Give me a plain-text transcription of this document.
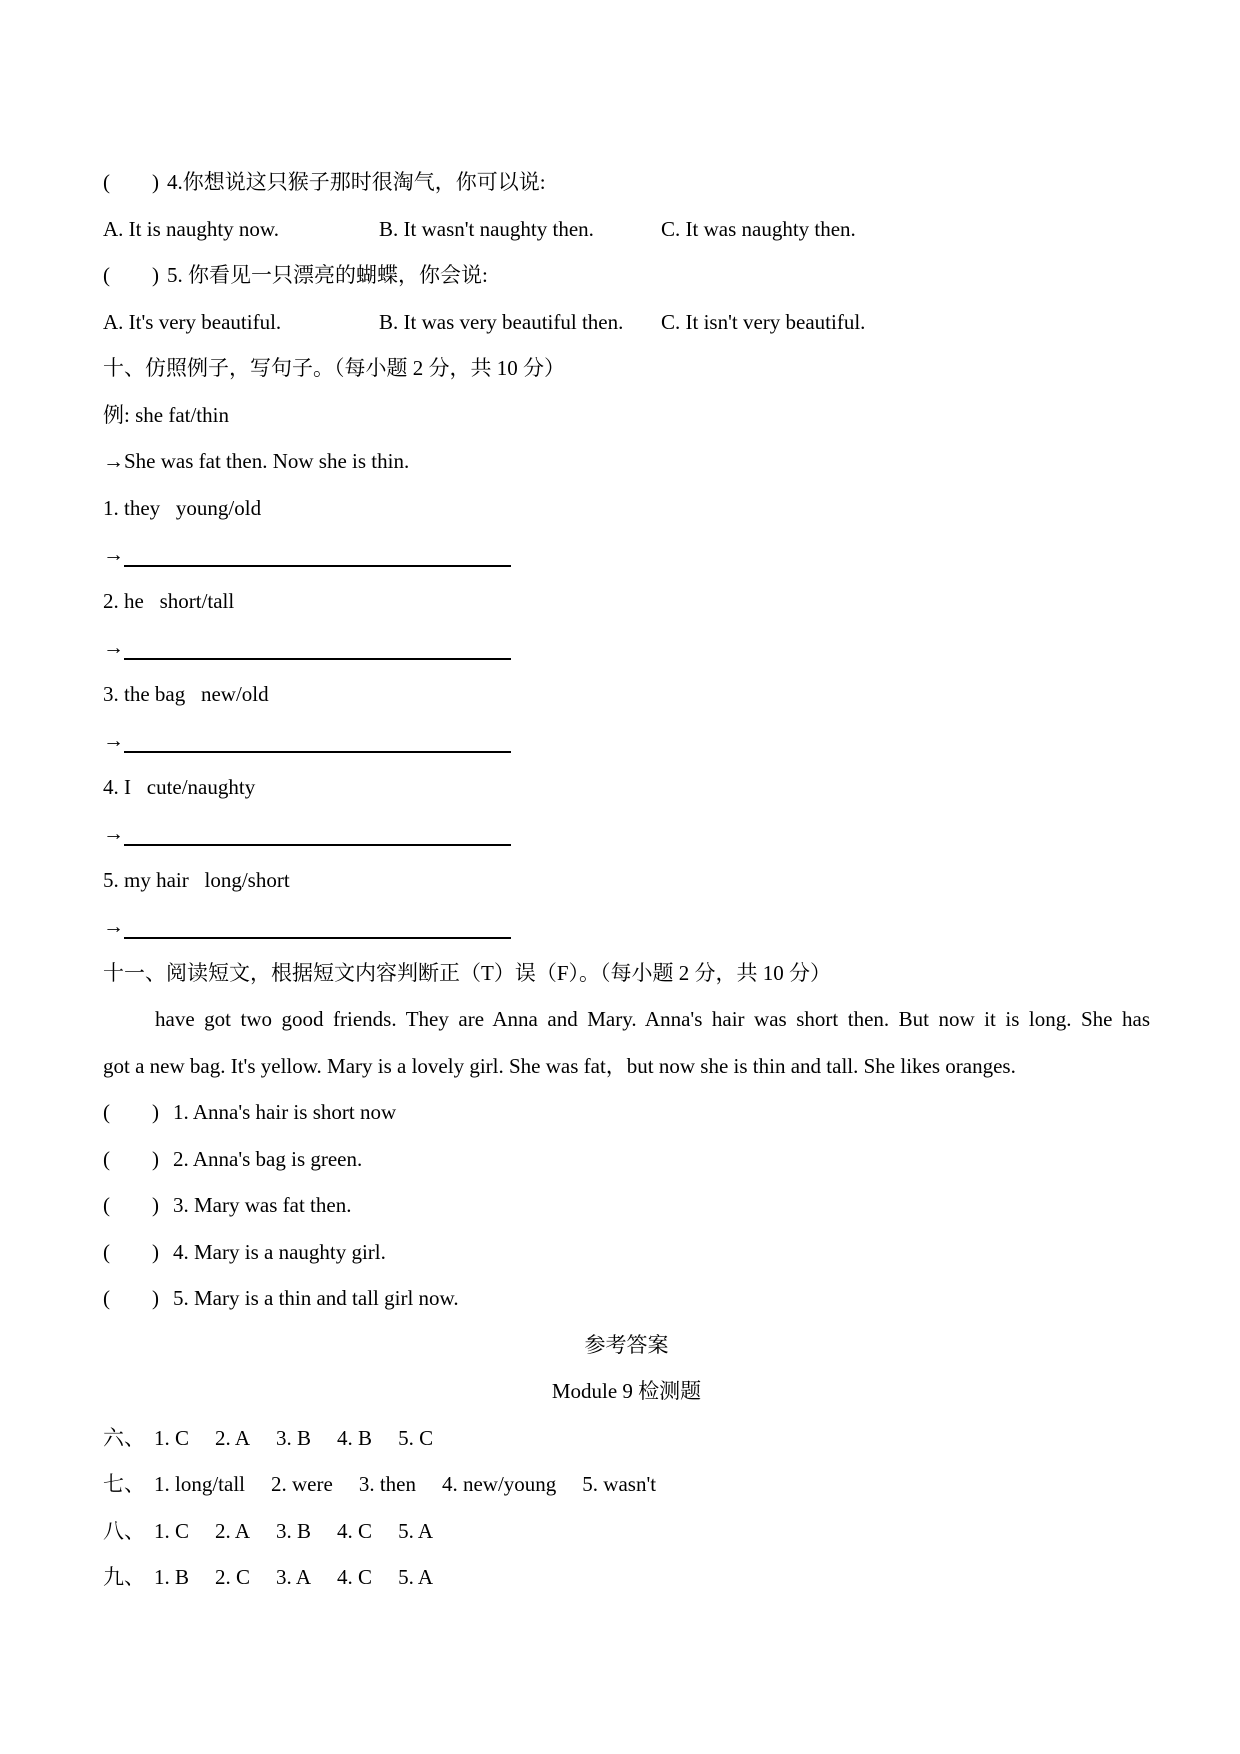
(        ) 4.你想说这只猴子那时很淘气，你可以说:
A. It is naughty now.	B. It wasn't naughty then.	C. It was naughty then.
(        ) 5. 你看见一只漂亮的蝴蝶，你会说:
A. It's very beautiful.	B. It was very beautiful then.	C. It isn't very beautiful.
十、仿照例子，写句子。（每小题 2 分，共 10 分）
例: she fat/thin
→She was fat then. Now she is thin.
1. they   young/old
→
2. he   short/tall
→
3. the bag   new/old
→
4. I   cute/naughty
→
5. my hair   long/short
→
十一、阅读短文，根据短文内容判断正（T）误（F）。（每小题 2 分，共 10 分）
have got two good friends. They are Anna and Mary. Anna's hair was short then. But now it is long. She has
got a new bag. It's yellow. Mary is a lovely girl. She was fat，but now she is thin and tall. She likes oranges.
(        ) 1. Anna's hair is short now
(        ) 2. Anna's bag is green.
(        ) 3. Mary was fat then.
(        ) 4. Mary is a naughty girl.
(        ) 5. Mary is a thin and tall girl now.
参考答案
Module 9 检测题
六、 1. C 2. A 3. B 4. B 5. C
七、 1. long/tall 2. were 3. then 4. new/young 5. wasn't
八、 1. C 2. A 3. B 4. C 5. A
九、 1. B 2. C 3. A 4. C 5. A
